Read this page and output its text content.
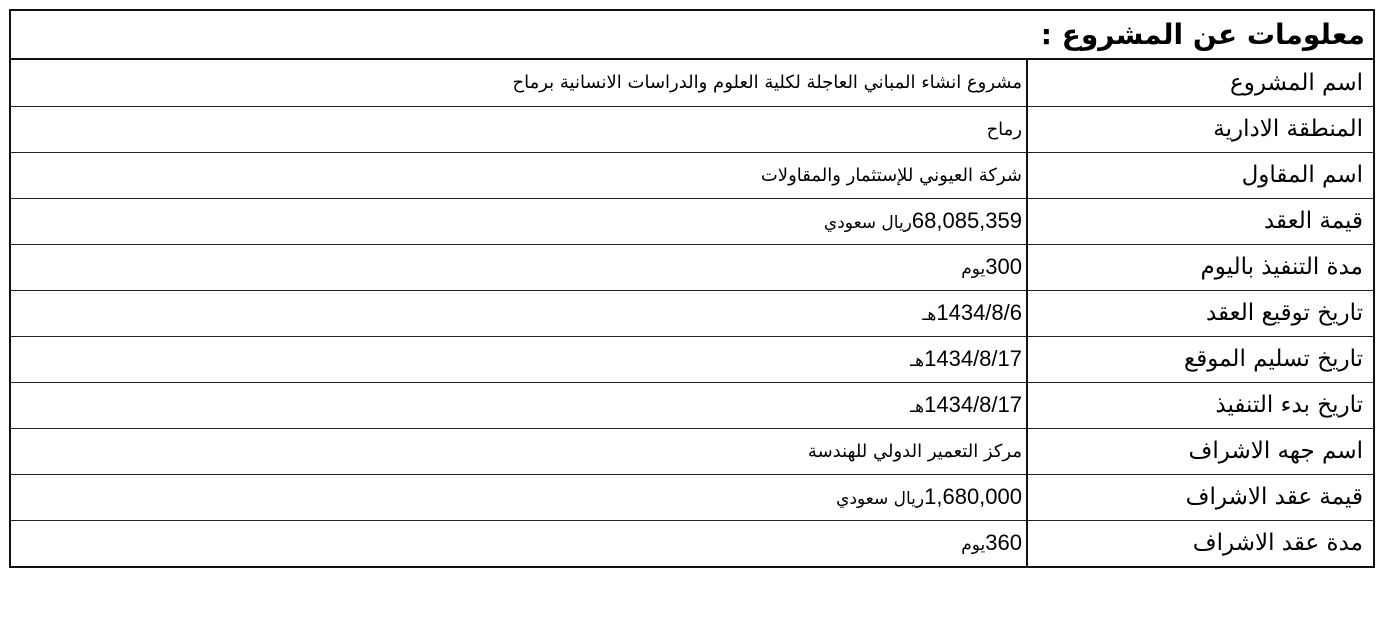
معلومات عن المشروع :
اسم المشروع	مشروع انشاء المباني العاجلة لكلية العلوم والدراسات الانسانية برماح
المنطقة الادارية	رماح
اسم المقاول	شركة العيوني للإستثمار والمقاولات
قيمة العقد	68,085,359ريال سعودي
مدة التنفيذ باليوم	300يوم
تاريخ توقيع العقد	1434/8/6هـ
تاريخ تسليم الموقع	1434/8/17هـ
تاريخ بدء التنفيذ	1434/8/17هـ
اسم جهه الاشراف	مركز التعمير الدولي للهندسة
قيمة عقد الاشراف	1,680,000ريال سعودي
مدة عقد الاشراف	360يوم
